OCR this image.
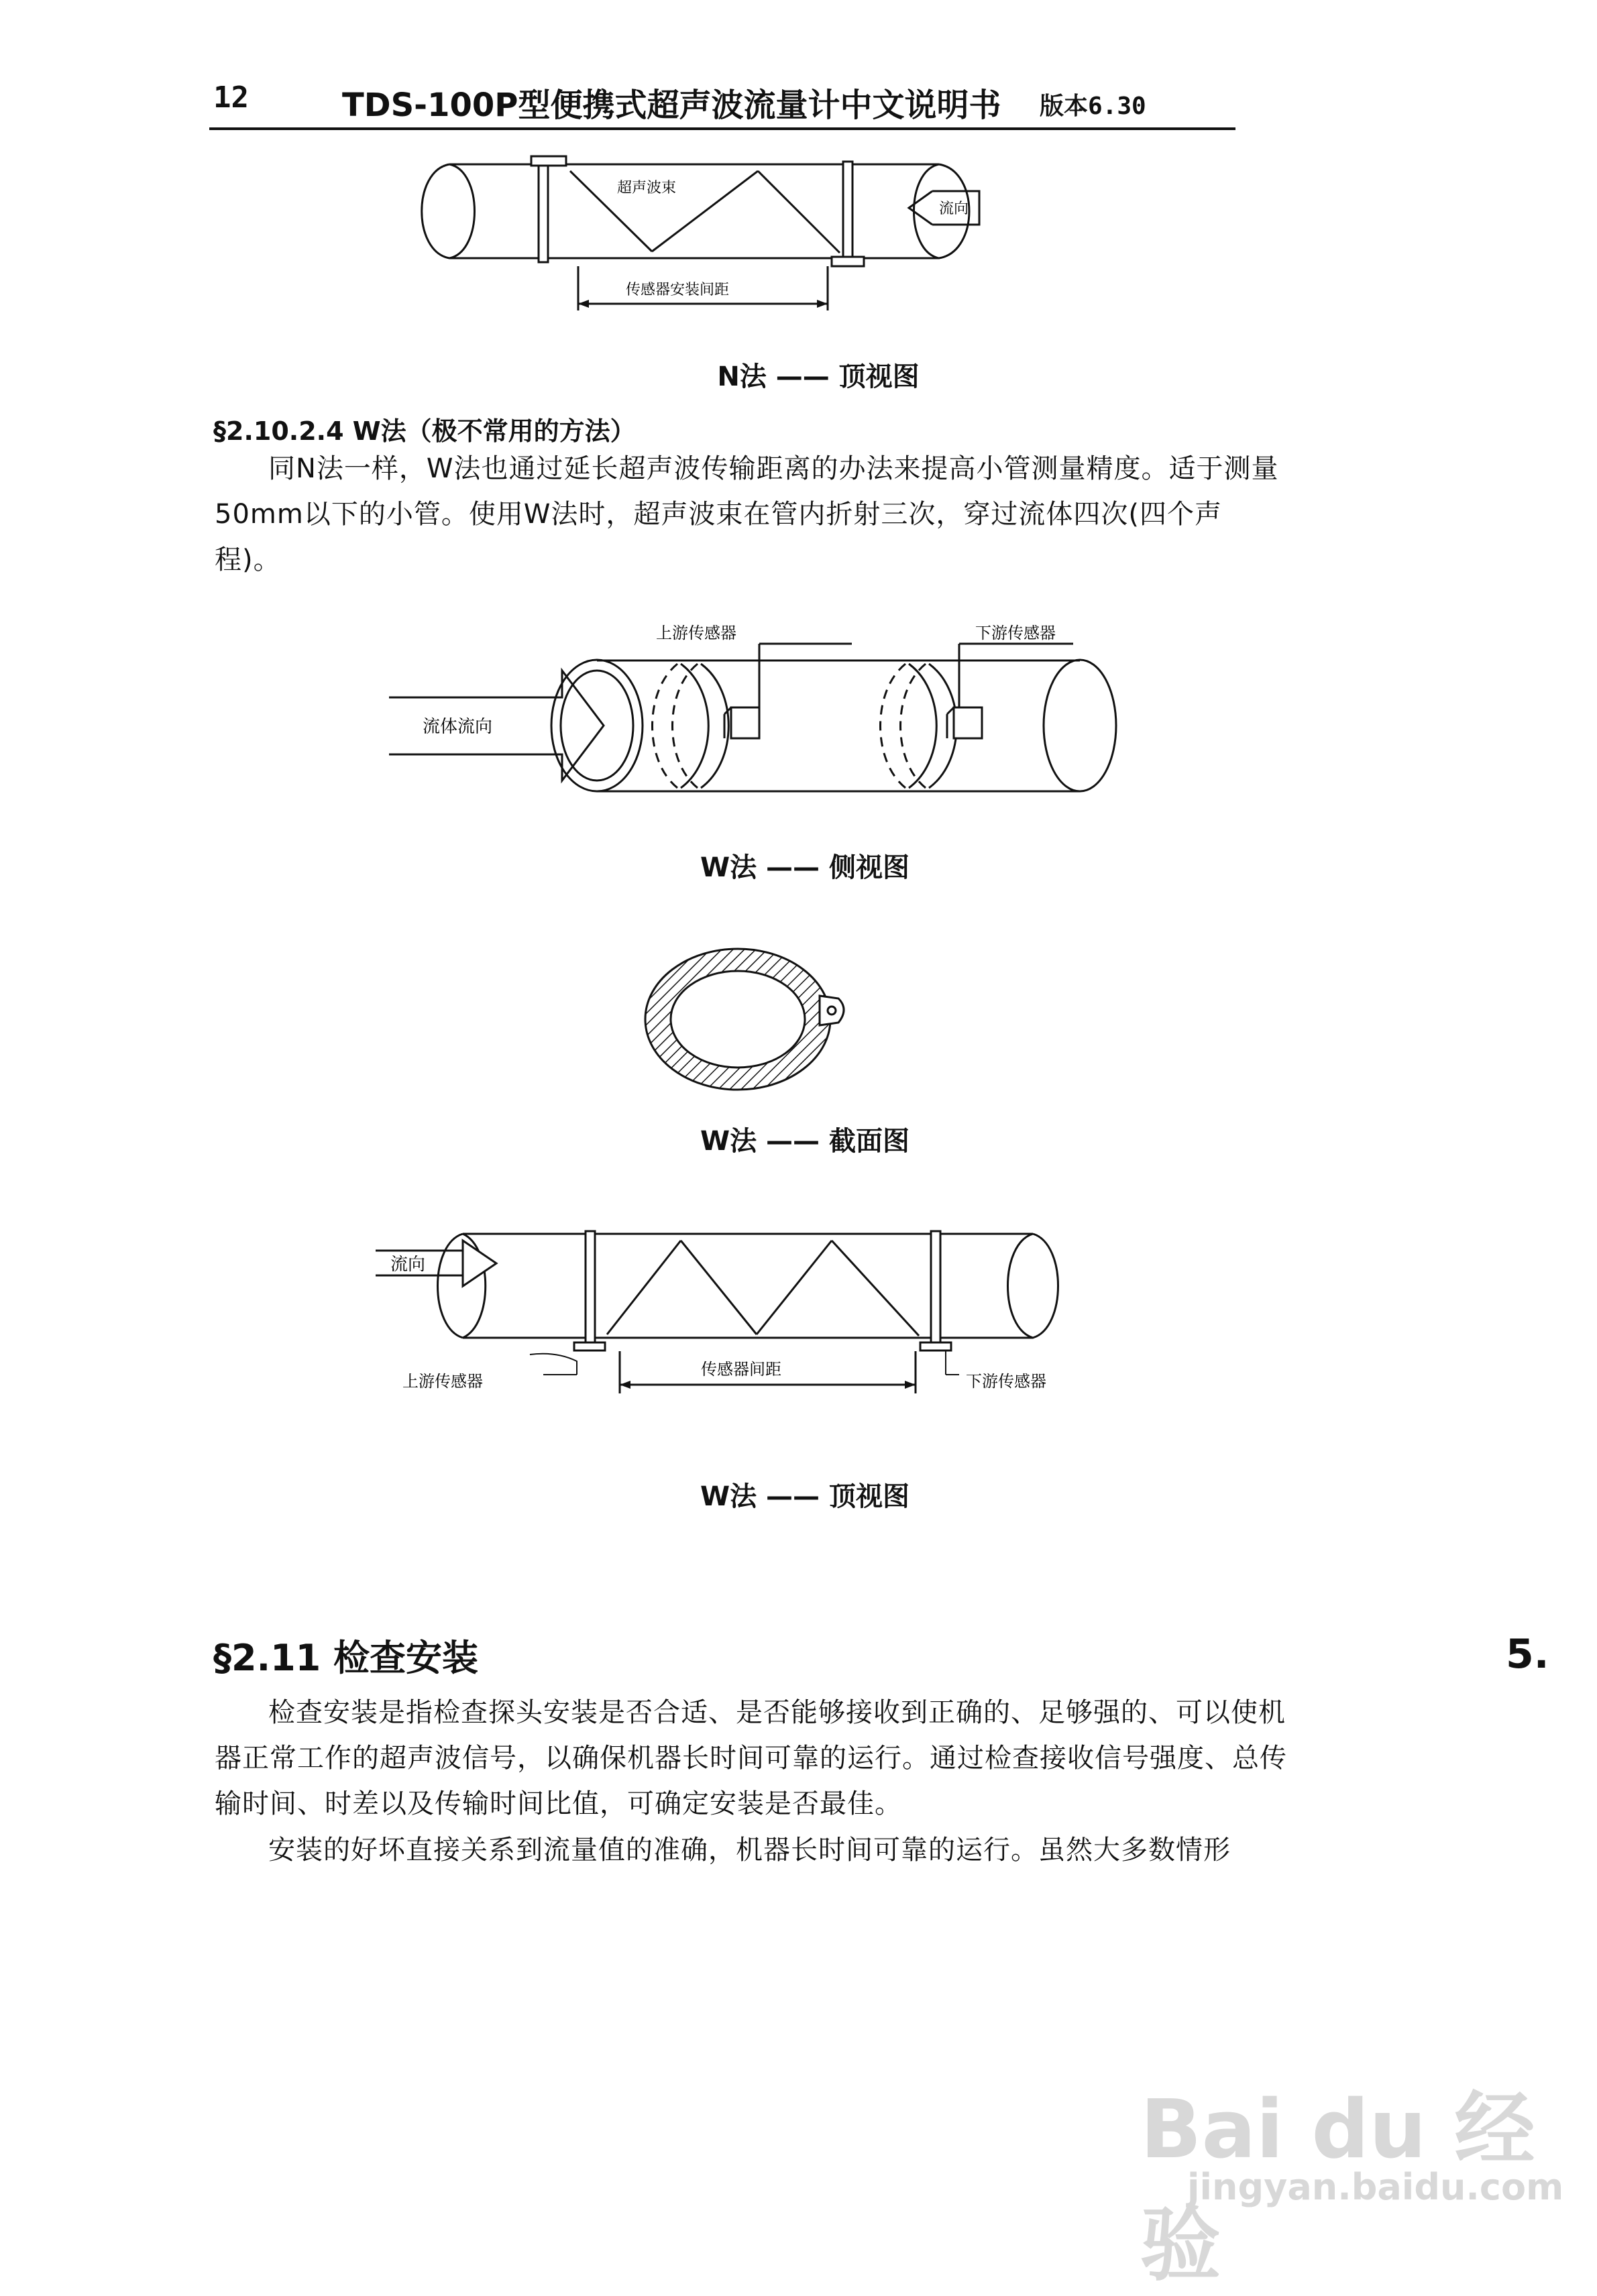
12	TDS-100P型便携式超声波流量计中文说明书 版本6.30
超声波束
流向
传感器安装间距
N法 —— 顶视图
§2.10.2.4 W法（极不常用的方法）
同N法一样，W法也通过延长超声波传输距离的办法来提高小管测量精度。适于测量50mm以下的小管。使用W法时，超声波束在管内折射三次，穿过流体四次(四个声程)。
上游传感器	下游传感器
流体流向
W法 —— 侧视图
W法 —— 截面图
流向
传感器间距
上游传感器	下游传感器
W法 —— 顶视图
§2.11 检查安装	5.
检查安装是指检查探头安装是否合适、是否能够接收到正确的、足够强的、可以使机器正常工作的超声波信号，以确保机器长时间可靠的运行。通过检查接收信号强度、总传输时间、时差以及传输时间比值，可确定安装是否最佳。
安装的好坏直接关系到流量值的准确，机器长时间可靠的运行。虽然大多数情形
Bai du 经验
jingyan.baidu.com
